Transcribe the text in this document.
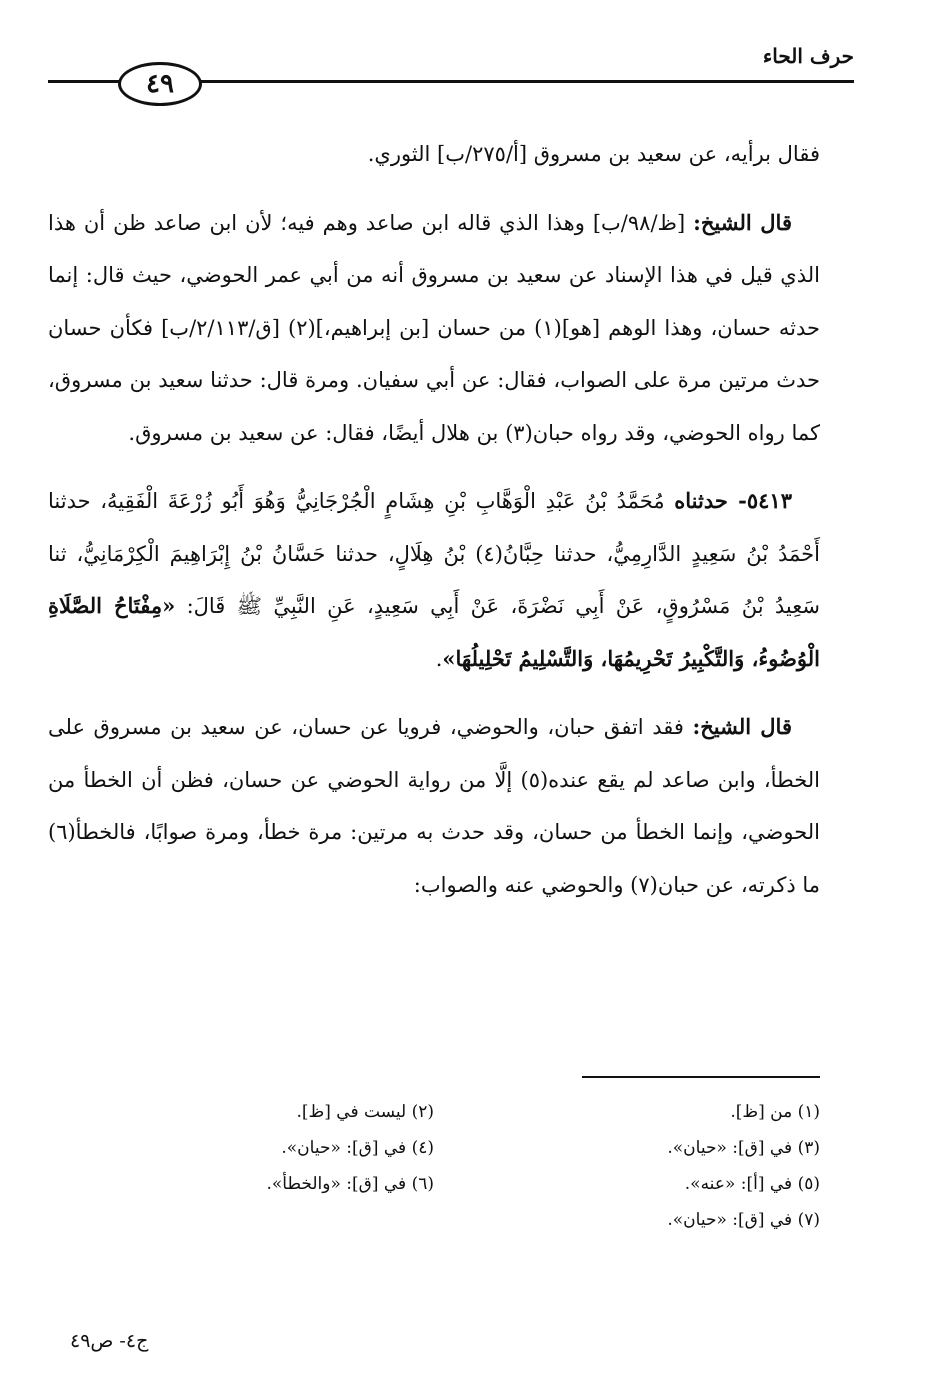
حرف الحاء
٤٩

فقال برأيه، عن سعيد بن مسروق [أ/٢٧٥/ب] الثوري.

قال الشيخ: [ظ/٩٨/ب] وهذا الذي قاله ابن صاعد وهم فيه؛ لأن ابن صاعد ظن أن هذا الذي قيل في هذا الإسناد عن سعيد بن مسروق أنه من أبي عمر الحوضي، حيث قال: إنما حدثه حسان، وهذا الوهم [هو](١) من حسان [بن إبراهيم،](٢) [ق/٢/١١٣/ب] فكأن حسان حدث مرتين مرة على الصواب، فقال: عن أبي سفيان. ومرة قال: حدثنا سعيد بن مسروق، كما رواه الحوضي، وقد رواه حبان(٣) بن هلال أيضًا، فقال: عن سعيد بن مسروق.

٥٤١٣- حدثناه مُحَمَّدُ بْنُ عَبْدِ الْوَهَّابِ بْنِ هِشَامٍ الْجُرْجَانِيُّ وَهُوَ أَبُو زُرْعَةَ الْفَقِيهُ، حدثنا أَحْمَدُ بْنُ سَعِيدٍ الدَّارِمِيُّ، حدثنا حِبَّانُ(٤) بْنُ هِلَالٍ، حدثنا حَسَّانُ بْنُ إِبْرَاهِيمَ الْكِرْمَانِيُّ، ثنا سَعِيدُ بْنُ مَسْرُوقٍ، عَنْ أَبِي نَضْرَةَ، عَنْ أَبِي سَعِيدٍ، عَنِ النَّبِيِّ ﷺ قَالَ: «مِفْتَاحُ الصَّلَاةِ الْوُضُوءُ، وَالتَّكْبِيرُ تَحْرِيمُهَا، وَالتَّسْلِيمُ تَحْلِيلُهَا».

قال الشيخ: فقد اتفق حبان، والحوضي، فرويا عن حسان، عن سعيد بن مسروق على الخطأ، وابن صاعد لم يقع عنده(٥) إلَّا من رواية الحوضي عن حسان، فظن أن الخطأ من الحوضي، وإنما الخطأ من حسان، وقد حدث به مرتين: مرة خطأ، ومرة صوابًا، فالخطأ(٦) ما ذكرته، عن حبان(٧) والحوضي عنه والصواب:

(١) من [ظ].
(٢) ليست في [ظ].
(٣) في [ق]: «حيان».
(٤) في [ق]: «حيان».
(٥) في [أ]: «عنه».
(٦) في [ق]: «والخطأ».
(٧) في [ق]: «حيان».
ج٤- ص٤٩
